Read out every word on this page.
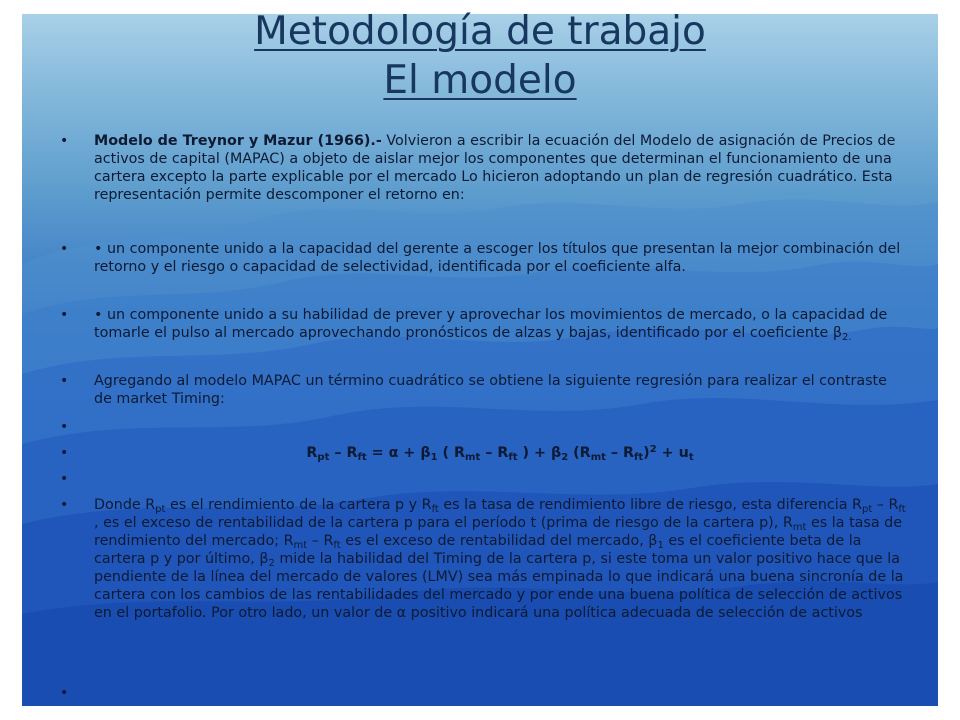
Metodología de trabajo
El modelo
• Modelo de Treynor y Mazur (1966).- Volvieron a escribir la ecuación del Modelo de asignación de Precios de activos de capital (MAPAC) a objeto de aislar mejor los componentes que determinan el funcionamiento de una cartera excepto la parte explicable por el mercado Lo hicieron adoptando un plan de regresión cuadrático. Esta representación permite descomponer el retorno en:
• • un componente unido a la capacidad del gerente a escoger los títulos que presentan la mejor combinación del retorno y el riesgo o capacidad de selectividad, identificada por el coeficiente alfa.
• • un componente unido a su habilidad de prever y aprovechar los movimientos de mercado, o la capacidad de tomarle el pulso al mercado aprovechando pronósticos de alzas y bajas, identificado por el coeficiente $\beta_{2.}$
• Agregando al modelo MAPAC un término cuadrático se obtiene la siguiente regresión para realizar el contraste de market Timing:
•
•	$R_{pt} - R_{ft} = \alpha + \beta_1$ ( $R_{mt} - R_{ft}$ ) + $\beta_2$ $(R_{mt} - R_{ft})^2 + u_t$
•
• Donde $R_{pt}$ es el rendimiento de la cartera p y $R_{ft}$ es la tasa de rendimiento libre de riesgo, esta diferencia $R_{pt} - R_{ft}$ , es el exceso de rentabilidad de la cartera p para el período t (prima de riesgo de la cartera p), $R_{mt}$ es la tasa de rendimiento del mercado; $R_{mt} - R_{ft}$ es el exceso de rentabilidad del mercado, $\beta_1$ es el coeficiente beta de la cartera p y por último, $\beta_2$ mide la habilidad del Timing de la cartera p, si este toma un valor positivo hace que la pendiente de la línea del mercado de valores (LMV) sea más empinada lo que indicará una buena sincronía de la cartera con los cambios de las rentabilidades del mercado y por ende una buena política de selección de activos en el portafolio. Por otro lado, un valor de α positivo indicará una política adecuada de selección de activos
•
